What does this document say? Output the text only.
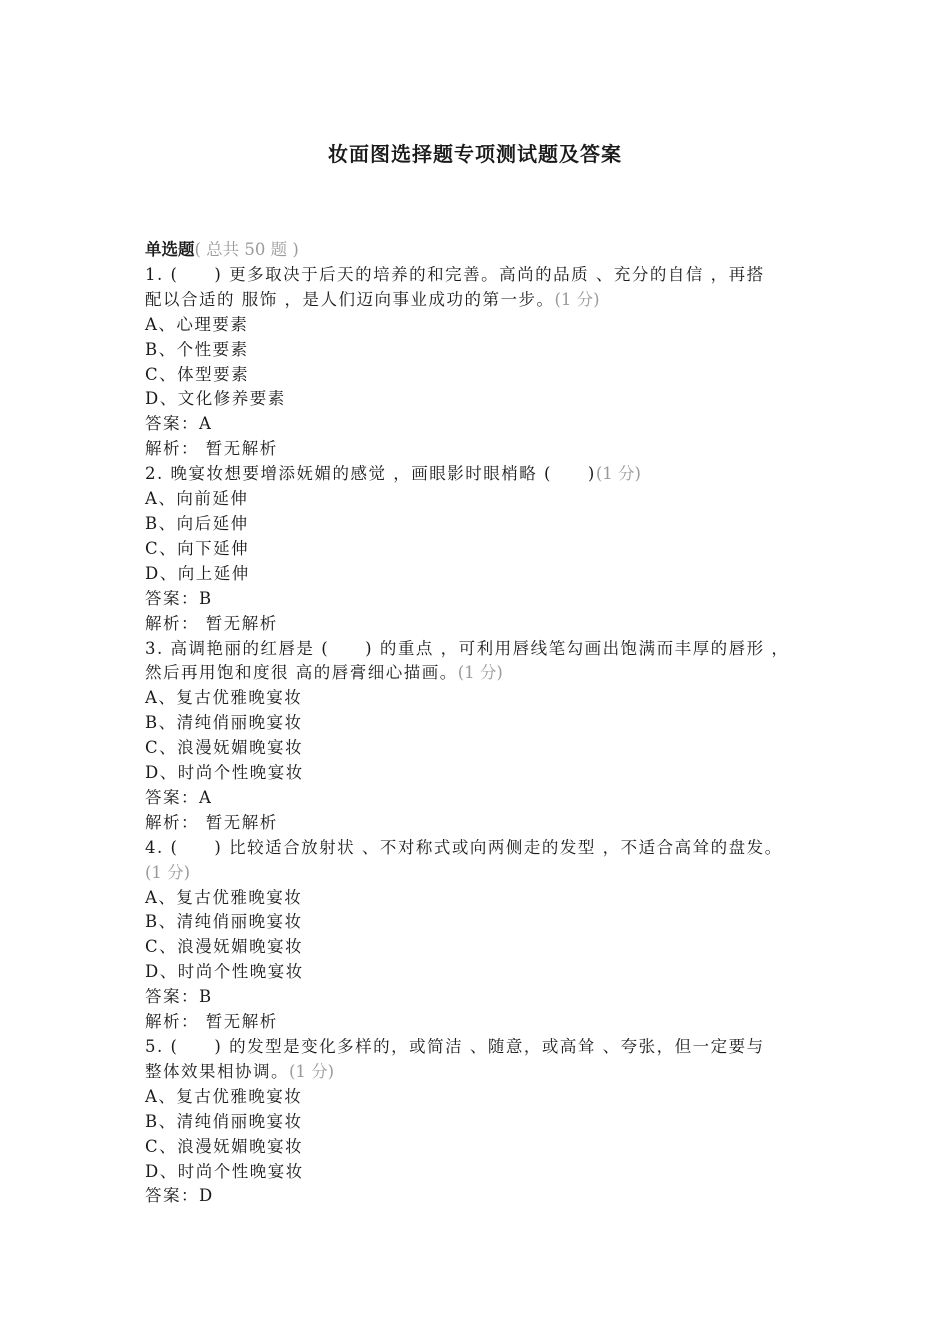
妆面图选择题专项测试题及答案

单选题( 总共 50 题 )

1. (　　) 更多取决于后天的培养的和完善。高尚的品质 、充分的自信 ，再搭

配以合适的 服饰 ，是人们迈向事业成功的第一步。(1 分)

A、心理要素

B、个性要素

C、体型要素

D、文化修养要素

答案：A

解析： 暂无解析

2. 晚宴妆想要增添妩媚的感觉 ，画眼影时眼梢略 (　　)(1 分)

A、向前延伸

B、向后延伸

C、向下延伸

D、向上延伸

答案：B

解析： 暂无解析

3. 高调艳丽的红唇是 (　　) 的重点 ，可利用唇线笔勾画出饱满而丰厚的唇形 ，

然后再用饱和度很 高的唇膏细心描画。(1 分)

A、复古优雅晚宴妆

B、清纯俏丽晚宴妆

C、浪漫妩媚晚宴妆

D、时尚个性晚宴妆

答案：A

解析： 暂无解析

4. (　　) 比较适合放射状 、不对称式或向两侧走的发型 ，不适合高耸的盘发。

(1 分)

A、复古优雅晚宴妆

B、清纯俏丽晚宴妆

C、浪漫妩媚晚宴妆

D、时尚个性晚宴妆

答案：B

解析： 暂无解析

5. (　　) 的发型是变化多样的，或简洁 、随意，或高耸 、夸张，但一定要与

整体效果相协调。(1 分)

A、复古优雅晚宴妆

B、清纯俏丽晚宴妆

C、浪漫妩媚晚宴妆

D、时尚个性晚宴妆

答案：D
